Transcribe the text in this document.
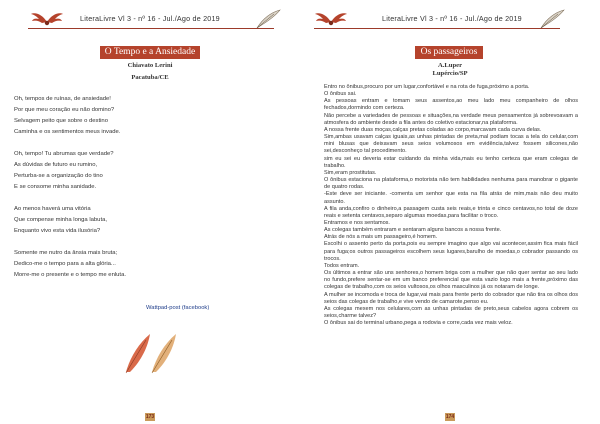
LiteraLivre Vl 3 - nº 16 - Jul./Ago de 2019
O Tempo e a Ansiedade
Chiavato Lerini
Pacatuba/CE
Oh, tempos de ruínas, de ansiedade!
Por que meu coração eu não domino?
Selvagem peito que sobre o destino
Caminha e os sentimentos meus invade.
Oh, tempo! Tu abrumas que verdade?
As dúvidas de futuro eu rumino,
Perturba-se a organização do tino
E se consome minha sanidade.
Ao menos haverá uma vitória
Que compense minha longa labuta,
Enquanto vivo esta vida ilusória?
Somente me nutro da ânsia mais bruta;
Dedico-me o tempo para a alta glória...
Morre-me o presente e o tempo me enluta.
Wattpad-post (facebook)
173
LiteraLivre Vl 3 - nº 16 - Jul./Ago de 2019
Os passageiros
A.Luper
Lupércio/SP
174

Entro no ônibus,procuro por um lugar,confortável e na rota de fuga,próximo a porta.

O ônibus sai.

As pessoas entram e tomam seus assentos,ao meu lado meu companheiro de olhos fechados,dormindo com certeza.

Não percebe a variedades de pessoas e situações,na verdade meus pensamentos já sobrevoavam a atmosfera do ambiente desde a fila antes do coletivo estacionar,na plataforma.

A nossa frente duas moças,calças pretas coladas ao corpo,marcavam cada curva delas.

Sim,ambas usavam calças iguais,as unhas pintadas de preta,mal podiam tocas a tela do celular,com mini blusas que deixavam seus seios volumosos em evidência,talvez fossem silicones,não sei,desconheço tal procedimento.

sim eu sei eu deveria estar cuidando da minha vida,mais eu tenho certeza que eram colegas de trabalho.

Sim,eram prostitutas.

O ônibus estaciona na plataforma,o motorista não tem habilidades nenhuma para manobrar o gigante de quatro rodas.

-Este deve ser iniciante. -comenta um senhor que esta na fila atrás de mim,mais não deu muito assunto.

A fila anda,confiro o dinheiro,a passagem custa seis reais,e trinta e cinco centavos,no total de doze reais e setenta centavos,separo algumas moedas,para facilitar o troco.

Entramos e nos sentamos.

As colegas também entraram e sentaram alguns bancos a nossa frente.

Atrás de nós a mais um passageiro,é homem.

Escolhi o assento perto da porta,pois eu sempre imagino que algo vai acontecer,assim fica mais fácil para fuga;os outros passageiros escolhem seus lugares,barulho de moedas,o cobrador passando os trocos.

Todos entram.

Os últimos a entrar são uns senhores,o homem briga com a mulher que não quer sentar ao seu lado no fundo,prefere sentar-se em um banco preferencial que esta vazio logo mais a frente,próximo das colegas de trabalho,com os seios vultosos,os olhos masculinos já os notaram de longe.

A mulher se incomoda e troca de lugar,vai mais para frente perto do cobrador que não tira os olhos dos seios das colegas de trabalho,e vive vendo de camarote,penso eu.

As colegas mexem nos celulares,com as unhas pintadas de preto,seus cabelos agora cobrem os seios,charme talvez?

O ônibus sai do terminal urbano,pega a rodovia e corre,cada vez mais veloz.
